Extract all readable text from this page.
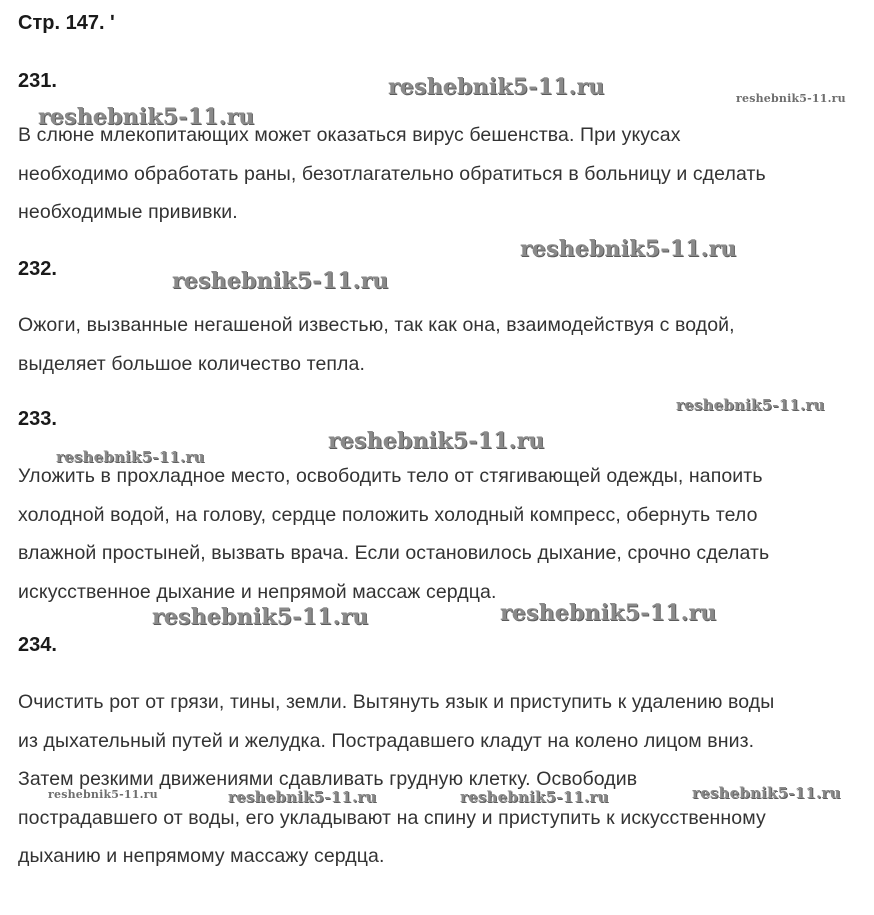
Стр. 147. ʹ
231.
В слюне млекопитающих может оказаться вирус бешенства. При укусах
необходимо обработать раны, безотлагательно обратиться в больницу и сделать
необходимые прививки.
232.
Ожоги, вызванные негашеной известью, так как она, взаимодействуя с водой,
выделяет большое количество тепла.
233.
Уложить в прохладное место, освободить тело от стягивающей одежды, напоить
холодной водой, на голову, сердце положить холодный компресс, обернуть тело
влажной простыней, вызвать врача. Если остановилось дыхание, срочно сделать
искусственное дыхание и непрямой массаж сердца.
234.
Очистить рот от грязи, тины, земли. Вытянуть язык и приступить к удалению воды
из дыхательный путей и желудка. Пострадавшего кладут на колено лицом вниз.
Затем резкими движениями сдавливать грудную клетку. Освободив
пострадавшего от воды, его укладывают на спину и приступить к искусственному
дыханию и непрямому массажу сердца.
reshebnik5-11.ru	reshebnik5-11.ru
reshebnik5-11.ru
reshebnik5-11.ru
reshebnik5-11.ru
reshebnik5-11.ru
reshebnik5-11.ru
reshebnik5-11.ru
reshebnik5-11.ru	reshebnik5-11.ru
reshebnik5-11.ru	reshebnik5-11.ru	reshebnik5-11.ru	reshebnik5-11.ru
